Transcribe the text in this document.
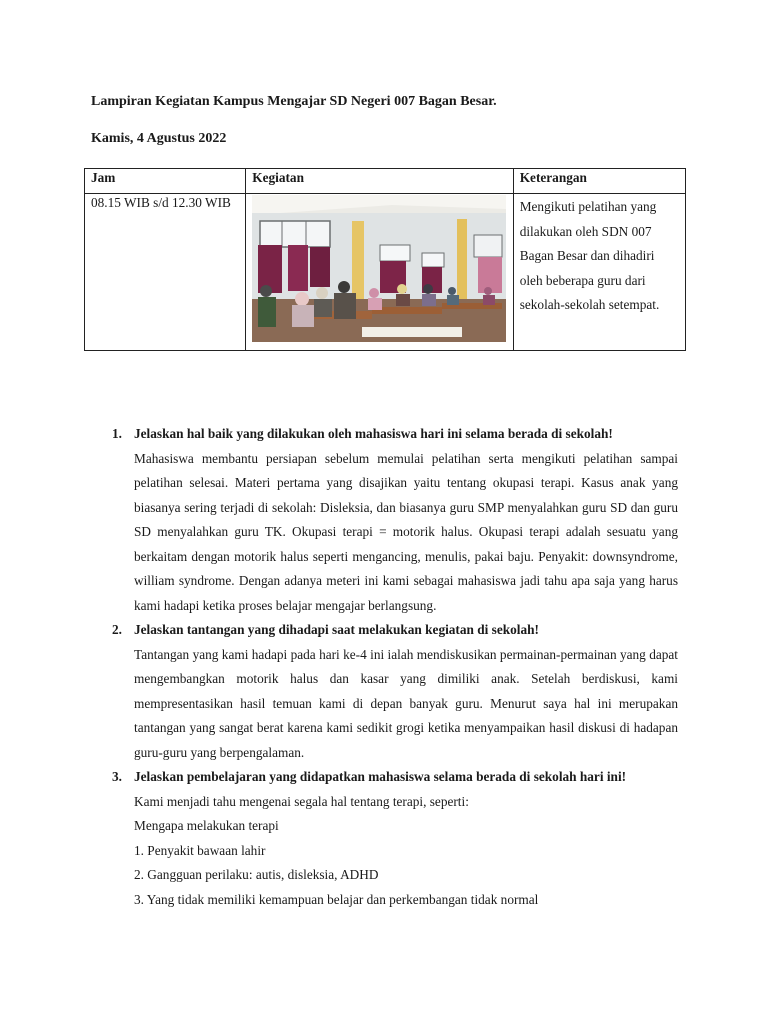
Lampiran Kegiatan Kampus Mengajar SD Negeri 007 Bagan Besar.
Kamis, 4 Agustus 2022
Jam	Kegiatan	Keterangan
08.15 WIB s/d 12.30 WIB		Mengikuti pelatihan yang dilakukan oleh SDN 007 Bagan Besar dan dihadiri oleh beberapa guru dari sekolah-sekolah setempat.
1. Jelaskan hal baik yang dilakukan oleh mahasiswa hari ini selama berada di sekolah!
Mahasiswa membantu persiapan sebelum memulai pelatihan serta mengikuti pelatihan sampai pelatihan selesai. Materi pertama yang disajikan yaitu tentang okupasi terapi. Kasus anak yang biasanya sering terjadi di sekolah: Disleksia, dan biasanya guru SMP menyalahkan guru SD dan guru SD menyalahkan guru TK. Okupasi terapi = motorik halus. Okupasi terapi adalah sesuatu yang berkaitam dengan motorik halus seperti mengancing, menulis, pakai baju. Penyakit: downsyndrome, william syndrome. Dengan adanya meteri ini kami sebagai mahasiswa jadi tahu apa saja yang harus kami hadapi ketika proses belajar mengajar berlangsung.
2. Jelaskan tantangan yang dihadapi saat melakukan kegiatan di sekolah!
Tantangan yang kami hadapi pada hari ke-4 ini ialah mendiskusikan permainan-permainan yang dapat mengembangkan motorik halus dan kasar yang dimiliki anak. Setelah berdiskusi, kami mempresentasikan hasil temuan kami di depan banyak guru. Menurut saya hal ini merupakan tantangan yang sangat berat karena kami sedikit grogi ketika menyampaikan hasil diskusi di hadapan guru-guru yang berpengalaman.
3. Jelaskan pembelajaran yang didapatkan mahasiswa selama berada di sekolah hari ini!

Kami menjadi tahu mengenai segala hal tentang terapi, seperti:

Mengapa melakukan terapi

1. Penyakit bawaan lahir

2. Gangguan perilaku: autis, disleksia, ADHD

3. Yang tidak memiliki kemampuan belajar dan perkembangan tidak normal
